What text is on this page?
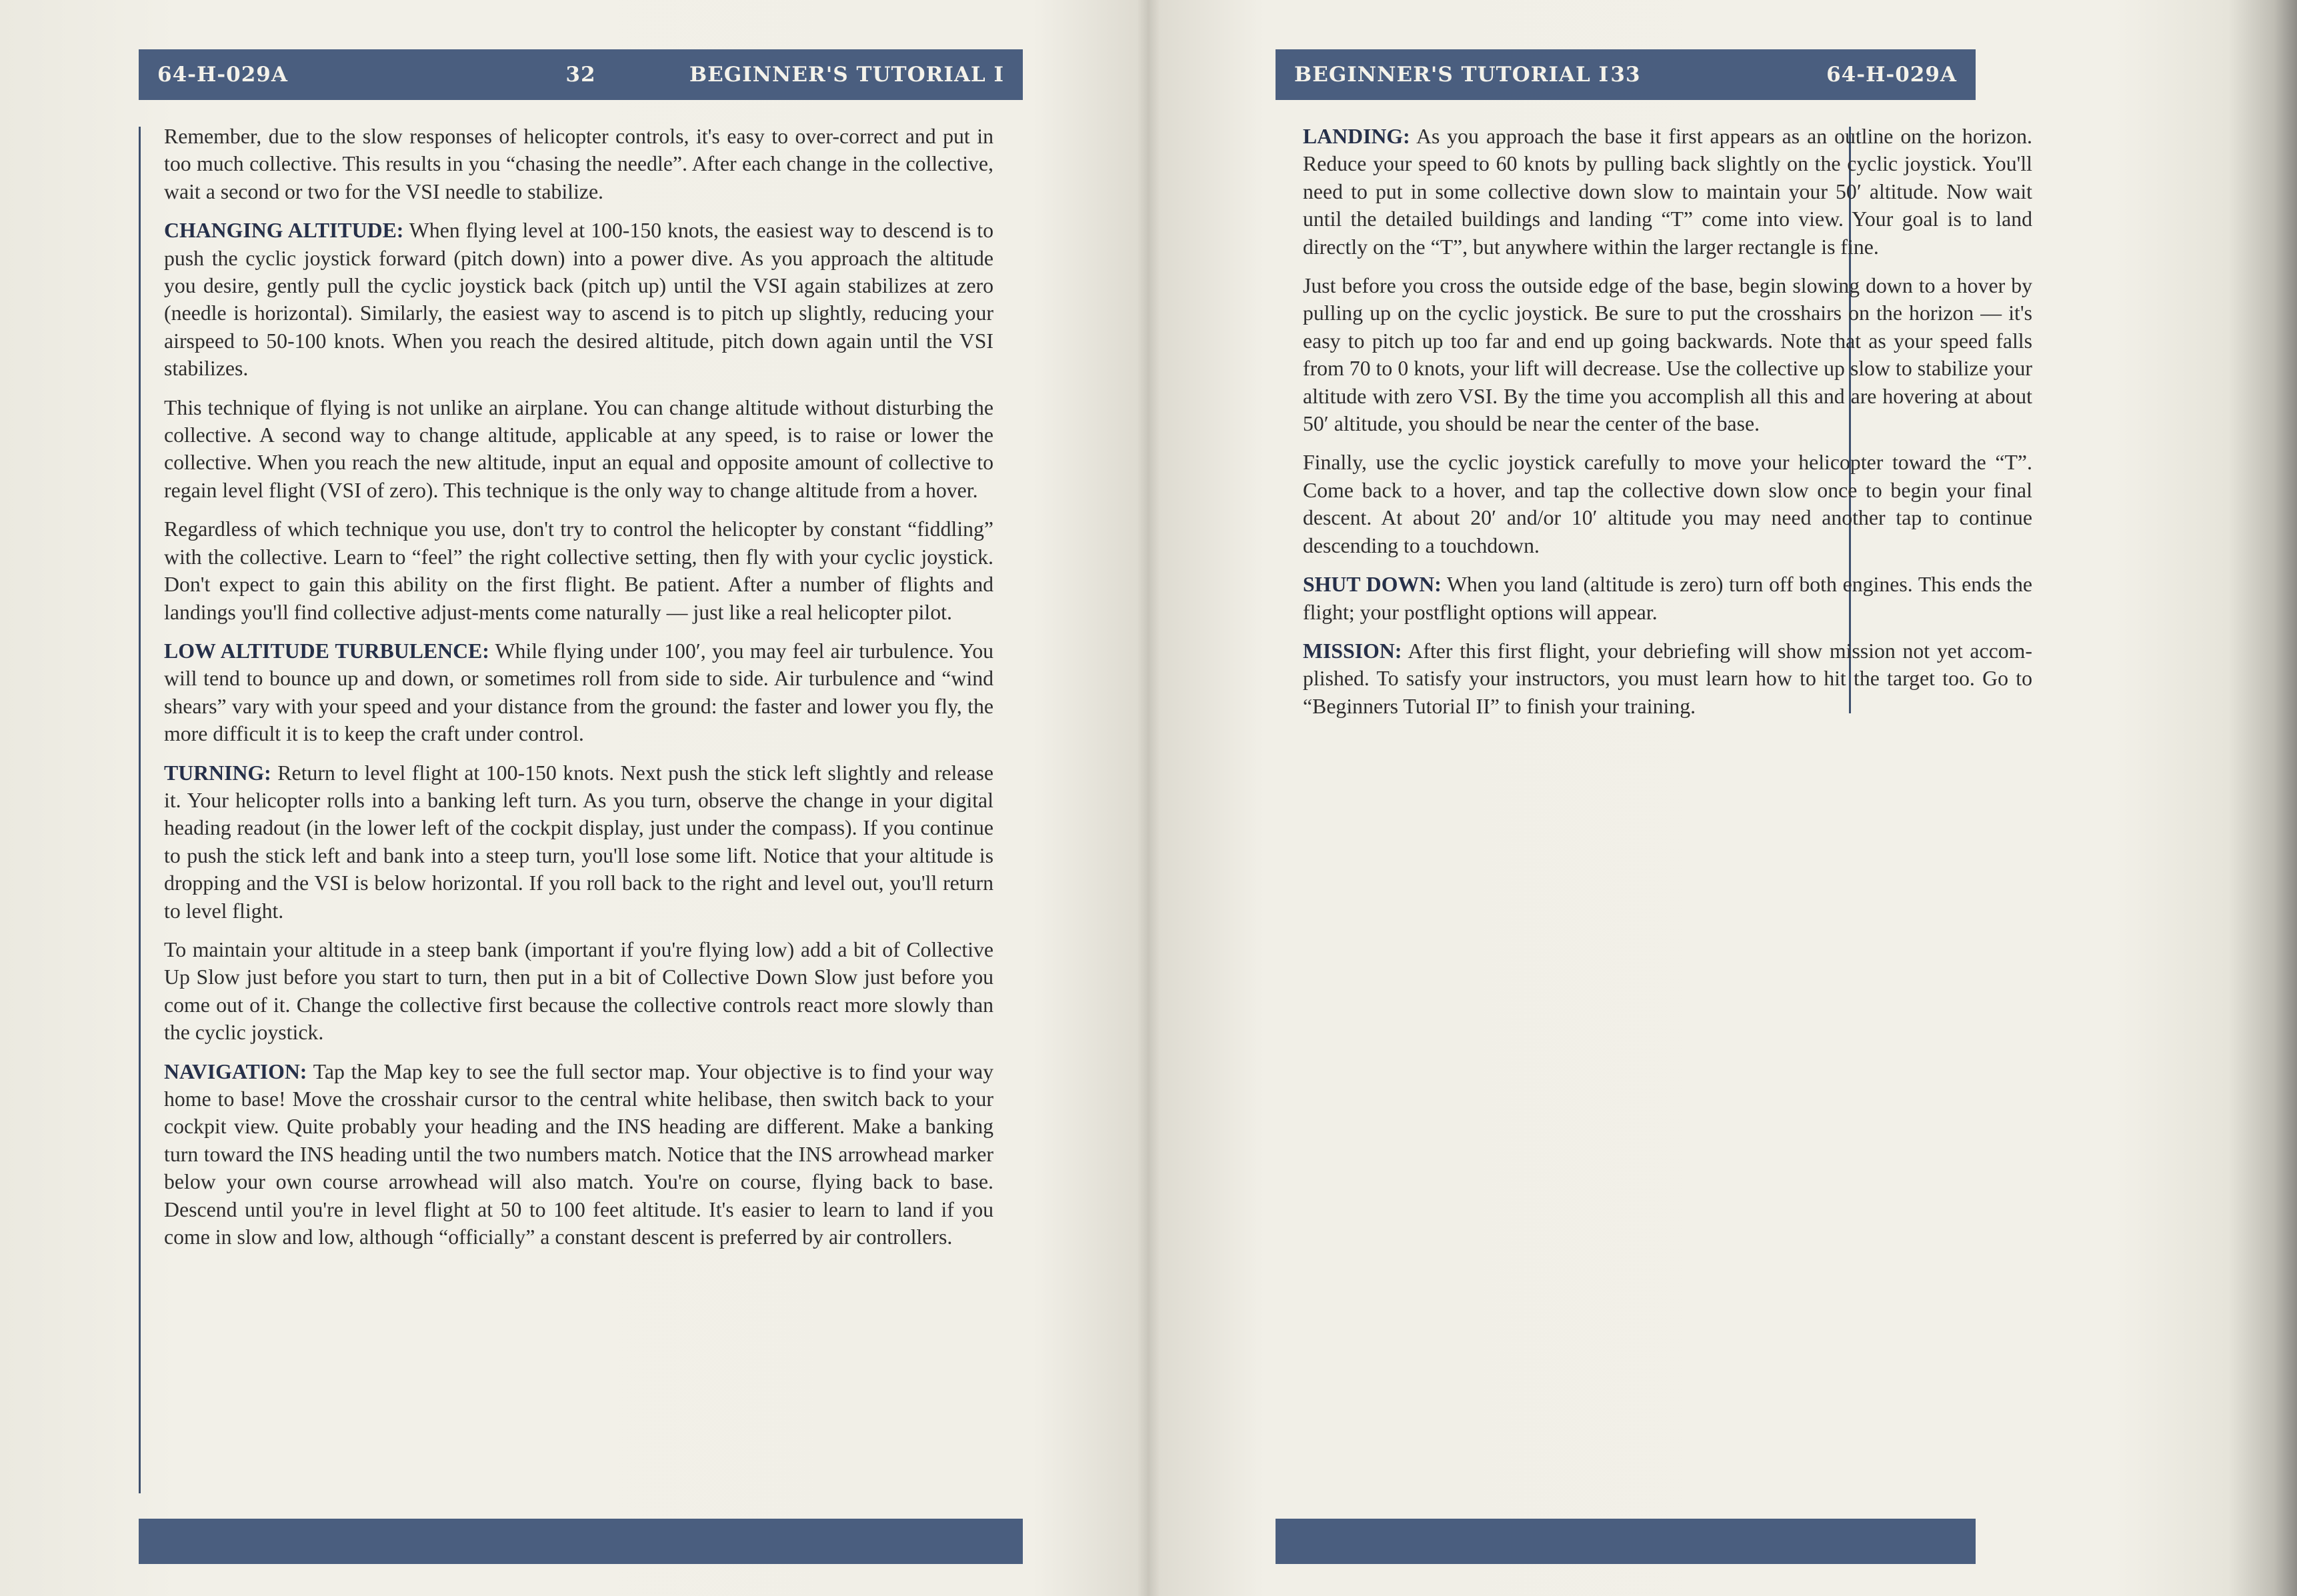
64-H-029A	32	BEGINNER'S TUTORIAL I

Remember, due to the slow responses of helicopter controls, it's easy to over-correct and put in too much collective. This results in you “chasing the needle”. After each change in the collective, wait a second or two for the VSI needle to stabilize.

CHANGING ALTITUDE: When flying level at 100-150 knots, the easiest way to descend is to push the cyclic joystick forward (pitch down) into a power dive. As you approach the altitude you desire, gently pull the cyclic joystick back (pitch up) until the VSI again stabilizes at zero (needle is horizontal). Similarly, the easiest way to ascend is to pitch up slightly, reducing your airspeed to 50-100 knots. When you reach the desired altitude, pitch down again until the VSI stabilizes.

This technique of flying is not unlike an airplane. You can change altitude without disturbing the collective. A second way to change altitude, applicable at any speed, is to raise or lower the collective. When you reach the new altitude, input an equal and opposite amount of collective to regain level flight (VSI of zero). This technique is the only way to change altitude from a hover.

Regardless of which technique you use, don't try to control the helicopter by constant “fiddling” with the collective. Learn to “feel” the right collective setting, then fly with your cyclic joystick. Don't expect to gain this ability on the first flight. Be patient. After a number of flights and landings you'll find collective adjust-ments come naturally — just like a real helicopter pilot.

LOW ALTITUDE TURBULENCE: While flying under 100′, you may feel air turbulence. You will tend to bounce up and down, or sometimes roll from side to side. Air turbulence and “wind shears” vary with your speed and your distance from the ground: the faster and lower you fly, the more difficult it is to keep the craft under control.

TURNING: Return to level flight at 100-150 knots. Next push the stick left slightly and release it. Your helicopter rolls into a banking left turn. As you turn, observe the change in your digital heading readout (in the lower left of the cockpit display, just under the compass). If you continue to push the stick left and bank into a steep turn, you'll lose some lift. Notice that your altitude is dropping and the VSI is below horizontal. If you roll back to the right and level out, you'll return to level flight.

To maintain your altitude in a steep bank (important if you're flying low) add a bit of Collective Up Slow just before you start to turn, then put in a bit of Collective Down Slow just before you come out of it. Change the collective first because the collective controls react more slowly than the cyclic joystick.

NAVIGATION: Tap the Map key to see the full sector map. Your objective is to find your way home to base! Move the crosshair cursor to the central white helibase, then switch back to your cockpit view. Quite probably your heading and the INS heading are different. Make a banking turn toward the INS heading until the two numbers match. Notice that the INS arrowhead marker below your own course arrowhead will also match. You're on course, flying back to base. Descend until you're in level flight at 50 to 100 feet altitude. It's easier to learn to land if you come in slow and low, although “officially” a constant descent is preferred by air controllers.

BEGINNER'S TUTORIAL I 33	64-H-029A

LANDING: As you approach the base it first appears as an outline on the horizon. Reduce your speed to 60 knots by pulling back slightly on the cyclic joystick. You'll need to put in some collective down slow to maintain your 50′ altitude. Now wait until the detailed buildings and landing “T” come into view. Your goal is to land directly on the “T”, but anywhere within the larger rectangle is fine.

Just before you cross the outside edge of the base, begin slowing down to a hover by pulling up on the cyclic joystick. Be sure to put the crosshairs on the horizon — it's easy to pitch up too far and end up going backwards. Note that as your speed falls from 70 to 0 knots, your lift will decrease. Use the collective up slow to stabilize your altitude with zero VSI. By the time you accomplish all this and are hovering at about 50′ altitude, you should be near the center of the base.

Finally, use the cyclic joystick carefully to move your helicopter toward the “T”. Come back to a hover, and tap the collective down slow once to begin your final descent. At about 20′ and/or 10′ altitude you may need another tap to continue descending to a touchdown.

SHUT DOWN: When you land (altitude is zero) turn off both engines. This ends the flight; your postflight options will appear.

MISSION: After this first flight, your debriefing will show mission not yet accom-plished. To satisfy your instructors, you must learn how to hit the target too. Go to “Beginners Tutorial II” to finish your training.
